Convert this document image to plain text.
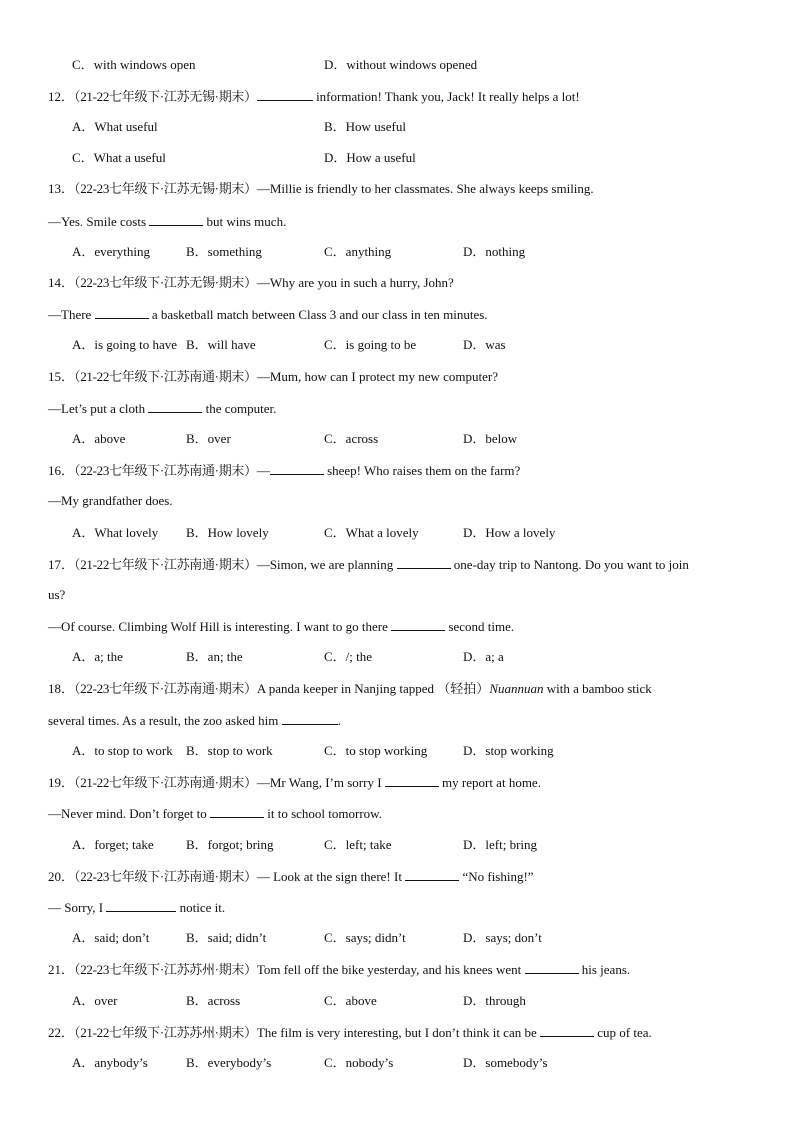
C．with windows open	D．without windows opened
12．（21-22七年级下·江苏无锡·期末）	information! Thank you, Jack! It really helps a lot!
A．What useful	B．How useful
C．What a useful	D．How a useful
13．（22-23七年级下·江苏无锡·期末）—Millie is friendly to her classmates. She always keeps smiling.
—Yes. Smile costs	but wins much.
A．everything	B．something	C．anything	D．nothing
14．（22-23七年级下·江苏无锡·期末）—Why are you in such a hurry, John?
—There	a basketball match between Class 3 and our class in ten minutes.
A．is going to have B．will have	C．is going to be	D．was
15．（21-22七年级下·江苏南通·期末）—Mum, how can I protect my new computer?
—Let’s put a cloth	the computer.
A．above	B．over	C．across	D．below
16．（22-23七年级下·江苏南通·期末）—	sheep! Who raises them on the farm?
—My grandfather does.
A．What lovely B．How lovely	C．What a lovely	D．How a lovely
17．（21-22七年级下·江苏南通·期末）—Simon, we are planning	one-day trip to Nantong. Do you want to join
us?
—Of course. Climbing Wolf Hill is interesting. I want to go there	second time.
A．a; the	B．an; the	C．/; the	D．a; a
18．（22-23七年级下·江苏南通·期末）A panda keeper in Nanjing tapped （轻拍）Nuannuan with a bamboo stick
several times. As a result, the zoo asked him	.
A．to stop to work B．stop to work	C．to stop working	D．stop working
19．（21-22七年级下·江苏南通·期末）—Mr Wang, I’m sorry I	my report at home.
—Never mind. Don’t forget to	it to school tomorrow.
A．forget; take B．forgot; bring	C．left; take	D．left; bring
20．（22-23七年级下·江苏南通·期末）— Look at the sign there! It	“No fishing!”
— Sorry, I	notice it.
A．said; don’t	B．said; didn’t	C．says; didn’t	D．says; don’t
21．（22-23七年级下·江苏苏州·期末）Tom fell off the bike yesterday, and his knees went	his jeans.
A．over	B．across	C．above	D．through
22．（21-22七年级下·江苏苏州·期末）The film is very interesting, but I don’t think it can be	cup of tea.
A．anybody’s	B．everybody’s	C．nobody’s	D．somebody’s
